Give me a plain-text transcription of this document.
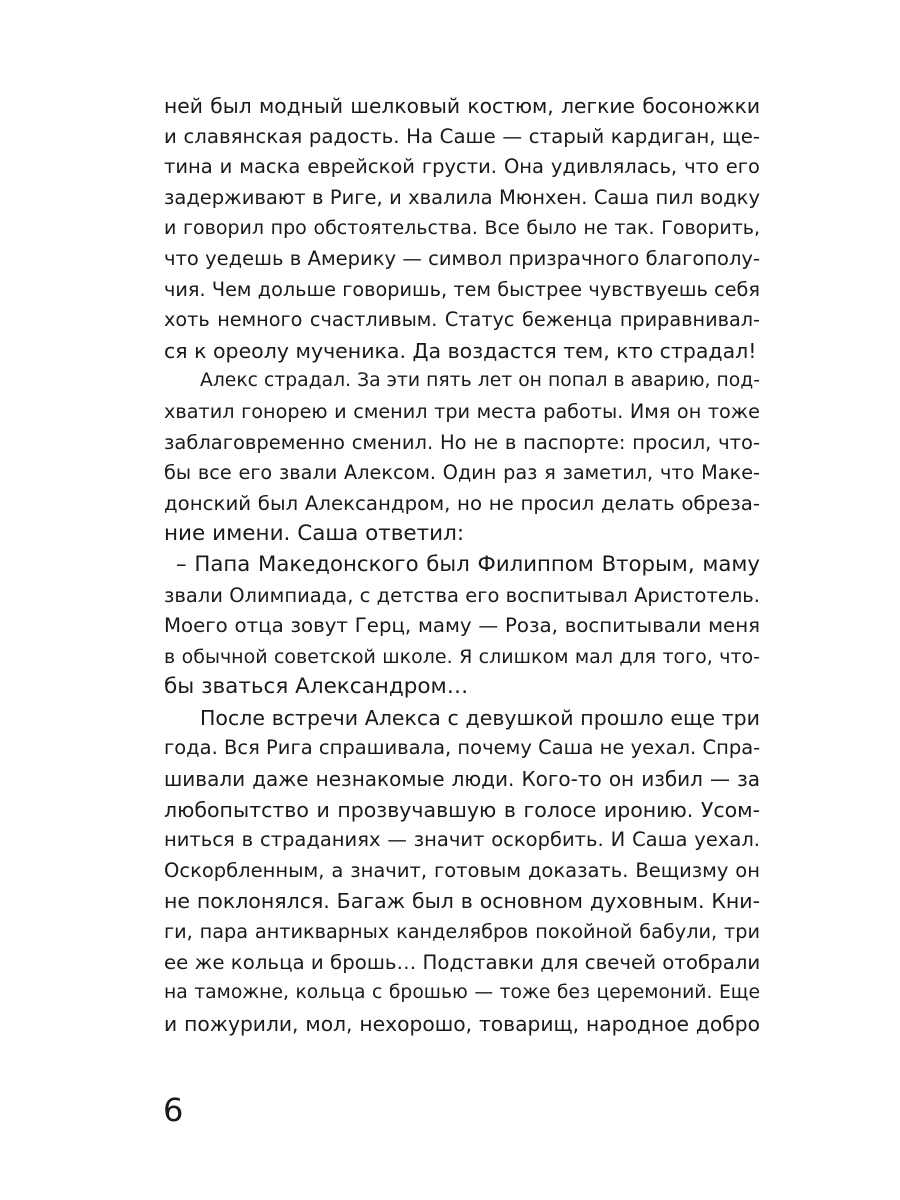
ней был модный шелковый костюм, легкие босоножки
и славянская радость. На Саше — старый кардиган, ще-
тина и маска еврейской грусти. Она удивлялась, что его
задерживают в Риге, и хвалила Мюнхен. Саша пил водку
и говорил про обстоятельства. Все было не так. Говорить,
что уедешь в Америку — символ призрачного благополу-
чия. Чем дольше говоришь, тем быстрее чувствуешь себя
хоть немного счастливым. Статус беженца приравнивал-
ся к ореолу мученика. Да воздастся тем, кто страдал!
Алекс страдал. За эти пять лет он попал в аварию, под-
хватил гонорею и сменил три места работы. Имя он тоже
заблаговременно сменил. Но не в паспорте: просил, что-
бы все его звали Алексом. Один раз я заметил, что Маке-
донский был Александром, но не просил делать обреза-
ние имени. Саша ответил:
– Папа Македонского был Филиппом Вторым, маму
звали Олимпиада, с детства его воспитывал Аристотель.
Моего отца зовут Герц, маму — Роза, воспитывали меня
в обычной советской школе. Я слишком мал для того, что-
бы зваться Александром…
После встречи Алекса с девушкой прошло еще три
года. Вся Рига спрашивала, почему Саша не уехал. Спра-
шивали даже незнакомые люди. Кого-то он избил — за
любопытство и прозвучавшую в голосе иронию. Усом-
ниться в страданиях — значит оскорбить. И Саша уехал.
Оскорбленным, а значит, готовым доказать. Вещизму он
не поклонялся. Багаж был в основном духовным. Кни-
ги, пара антикварных канделябров покойной бабули, три
ее же кольца и брошь… Подставки для свечей отобрали
на таможне, кольца с брошью — тоже без церемоний. Еще
и пожурили, мол, нехорошо, товарищ, народное добро
6
